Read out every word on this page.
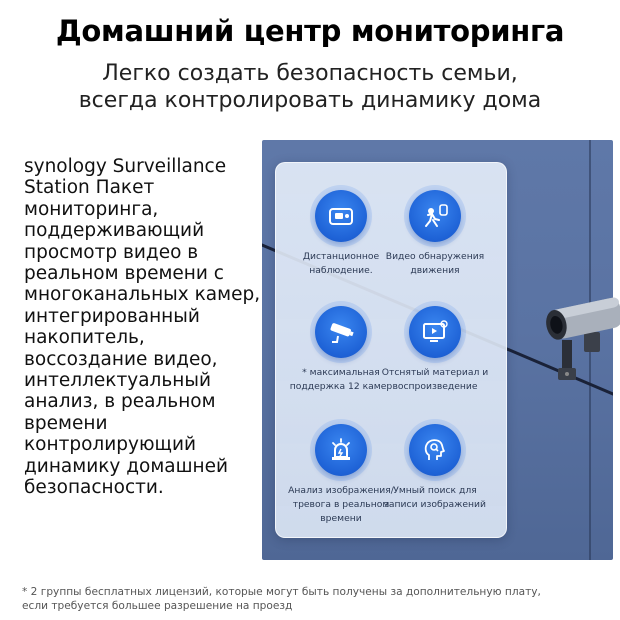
Домашний центр мониторинга
Легко создать безопасность семьи,
всегда контролировать динамику дома
synology Surveillance Station Пакет мониторинга, поддерживающий просмотр видео в реальном времени с многоканальных камер, интегрированный накопитель, воссоздание видео, интеллектуальный анализ, в реальном времени контролирующий динамику домашней безопасности.
Дистанционное
наблюдение.
Видео обнаружения
движения
* максимальная
поддержка 12 камер
Отснятый материал и
воспроизведение
Анализ изображения/
тревога в реальном
времени
Умный поиск для
записи изображений
* 2 группы бесплатных лицензий, которые могут быть получены за дополнительную плату,
если требуется большее разрешение на проезд
